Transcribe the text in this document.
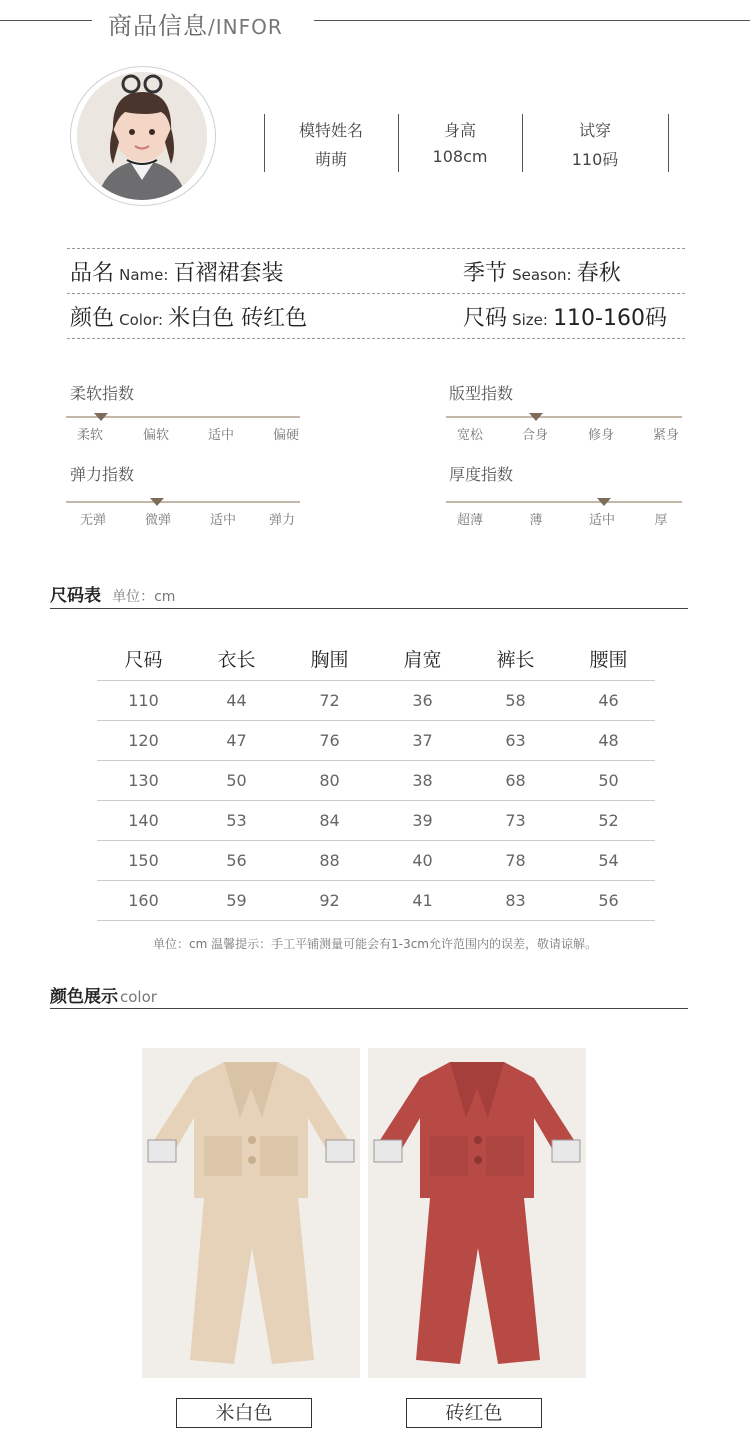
商品信息/INFOR
模特姓名
萌萌
身高
108cm
试穿
110码
品名 Name: 百褶裙套装	季节 Season: 春秋
颜色 Color: 米白色 砖红色	尺码 Size: 110-160码
柔软指数
柔软	偏软	适中	偏硬
版型指数
宽松	合身	修身	紧身
弹力指数
无弹	微弹	适中	弹力
厚度指数
超薄	薄	适中	厚
尺码表 单位：cm
尺码	衣长	胸围	肩宽	裤长	腰围
110	44	72	36	58	46
120	47	76	37	63	48
130	50	80	38	68	50
140	53	84	39	73	52
150	56	88	40	78	54
160	59	92	41	83	56
单位：cm 温馨提示：手工平铺测量可能会有1-3cm允许范围内的误差，敬请谅解。
颜色展示 color
米白色	砖红色
